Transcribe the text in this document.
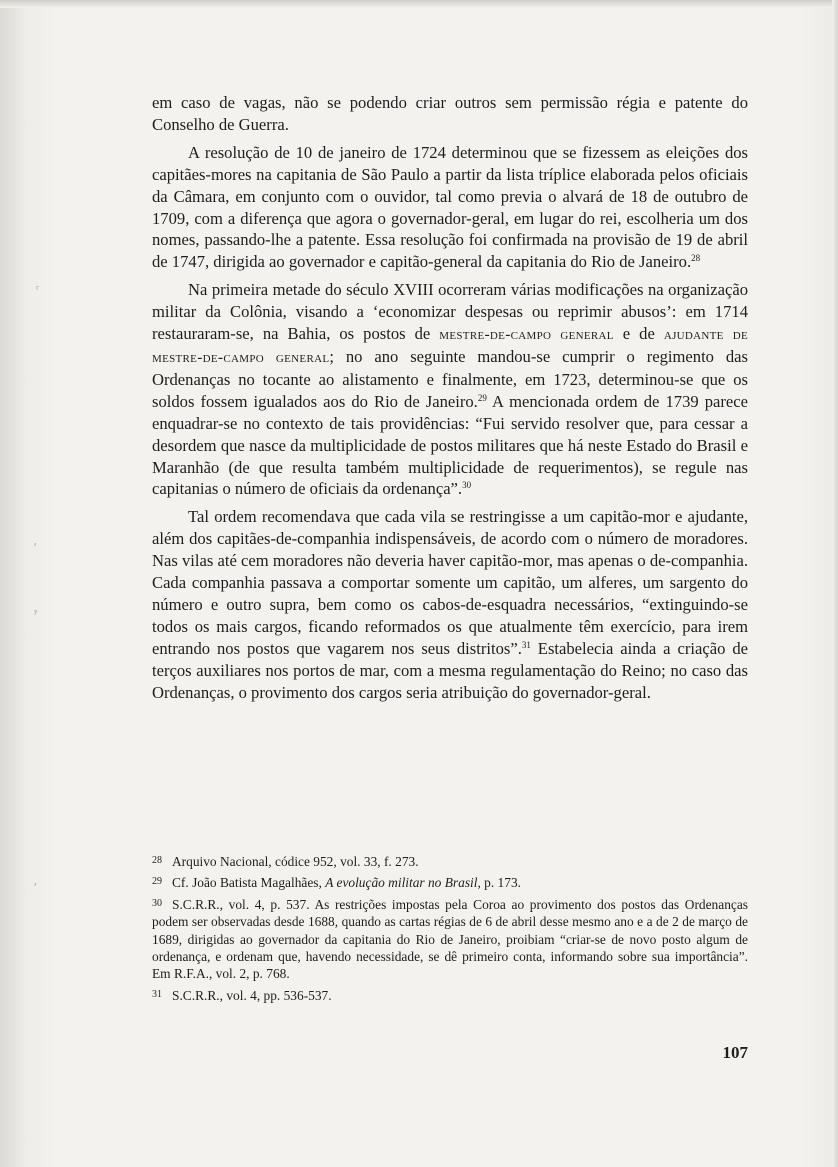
ʳ
ʹ
ʸ
ʹ

em caso de vagas, não se podendo criar outros sem permissão régia e patente do Conselho de Guerra.

A resolução de 10 de janeiro de 1724 determinou que se fizessem as eleições dos capitães-mores na capitania de São Paulo a partir da lista tríplice elaborada pelos oficiais da Câmara, em conjunto com o ouvidor, tal como previa o alvará de 18 de outubro de 1709, com a diferença que agora o governador-geral, em lugar do rei, escolheria um dos nomes, passando-lhe a patente. Essa resolução foi confirmada na provisão de 19 de abril de 1747, dirigida ao governador e capitão-general da capitania do Rio de Janeiro.$^{28}$

Na primeira metade do século XVIII ocorreram várias modificações na organização militar da Colônia, visando a ‘economizar despesas ou reprimir abusos’: em 1714 restauraram-se, na Bahia, os postos de mestre-de-campo general e de ajudante de mestre-de-campo general; no ano seguinte mandou-se cumprir o regimento das Ordenanças no tocante ao alistamento e finalmente, em 1723, determinou-se que os soldos fossem igualados aos do Rio de Janeiro.$^{29}$ A mencionada ordem de 1739 parece enquadrar-se no contexto de tais providências: “Fui servido resolver que, para cessar a desordem que nasce da multiplicidade de postos militares que há neste Estado do Brasil e Maranhão (de que resulta também multiplicidade de requerimentos), se regule nas capitanias o número de oficiais da ordenança”.$^{30}$

Tal ordem recomendava que cada vila se restringisse a um capitão-mor e ajudante, além dos capitães-de-companhia indispensáveis, de acordo com o número de moradores. Nas vilas até cem moradores não deveria haver capitão-mor, mas apenas o de-companhia. Cada companhia passava a comportar somente um capitão, um alferes, um sargento do número e outro supra, bem como os cabos-de-esquadra necessários, “extinguindo-se todos os mais cargos, ficando reformados os que atualmente têm exercício, para irem entrando nos postos que vagarem nos seus distritos”.$^{31}$ Estabelecia ainda a criação de terços auxiliares nos portos de mar, com a mesma regulamentação do Reino; no caso das Ordenanças, o provimento dos cargos seria atribuição do governador-geral.

$^{28}$ Arquivo Nacional, códice 952, vol. 33, f. 273.

$^{29}$ Cf. João Batista Magalhães, A evolução militar no Brasil, p. 173.

$^{30}$ S.C.R.R., vol. 4, p. 537. As restrições impostas pela Coroa ao provimento dos postos das Ordenanças podem ser observadas desde 1688, quando as cartas régias de 6 de abril desse mesmo ano e a de 2 de março de 1689, dirigidas ao governador da capitania do Rio de Janeiro, proibiam “criar-se de novo posto algum de ordenança, e ordenam que, havendo necessidade, se dê primeiro conta, informando sobre sua importância”. Em R.F.A., vol. 2, p. 768.

$^{31}$ S.C.R.R., vol. 4, pp. 536-537.

107
